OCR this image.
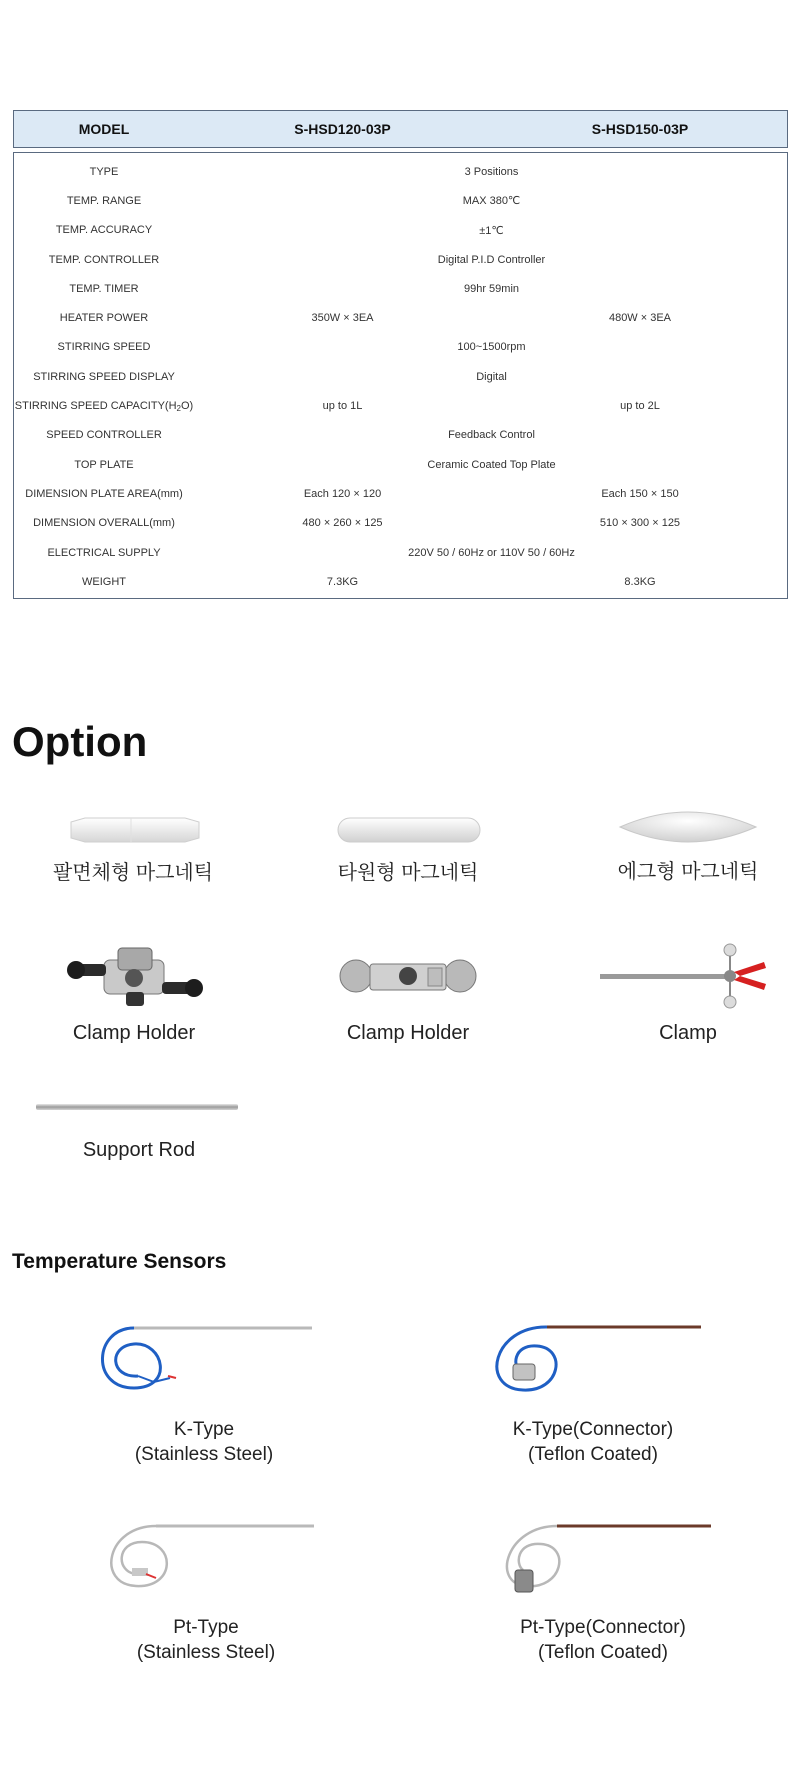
MODEL	S-HSD120-03P	S-HSD150-03P
TYPE	3 Positions
TEMP. RANGE	MAX 380℃
TEMP. ACCURACY	±1℃
TEMP. CONTROLLER	Digital P.I.D Controller
TEMP. TIMER	99hr 59min
HEATER POWER	350W × 3EA	480W × 3EA
STIRRING SPEED	100~1500rpm
STIRRING SPEED DISPLAY	Digital
STIRRING SPEED $CAPACITY(H_2O)$	up to 1L	up to 2L
SPEED CONTROLLER	Feedback Control
TOP PLATE	Ceramic Coated Top Plate
DIMENSION PLATE AREA(mm)	Each 120 × 120	Each 150 × 150
DIMENSION OVERALL(mm)	480 × 260 × 125	510 × 300 × 125
ELECTRICAL SUPPLY	220V 50 / 60Hz or 110V 50 / 60Hz
WEIGHT	7.3KG	8.3KG
Option
팔면체형 마그네틱	타원형 마그네틱	에그형 마그네틱
Clamp Holder	Clamp Holder	Clamp
Support Rod
Temperature Sensors
K-Type
(Stainless Steel)
K-Type(Connector)
(Teflon Coated)
Pt-Type
(Stainless Steel)
Pt-Type(Connector)
(Teflon Coated)
